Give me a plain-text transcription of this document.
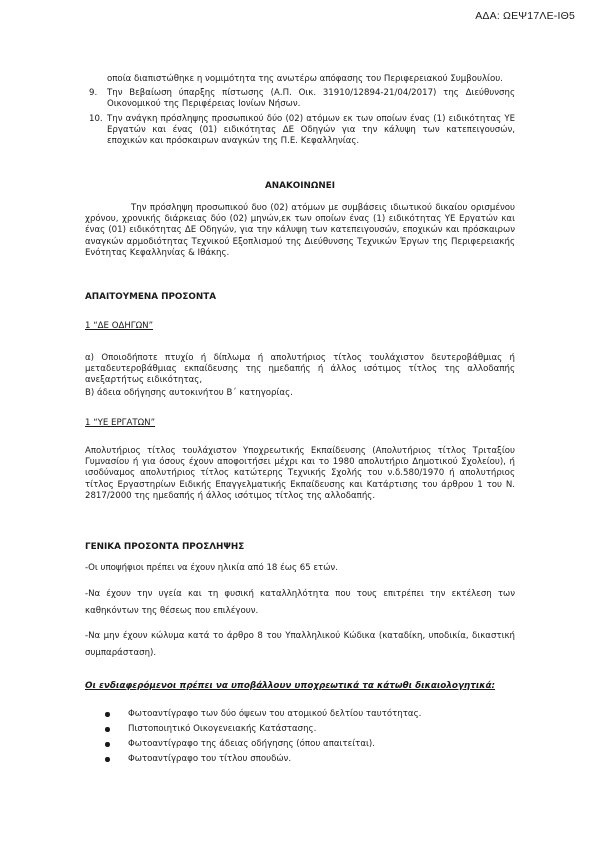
ΑΔΑ: ΩΕΨ17ΛΕ-ΙΘ5
οποία διαπιστώθηκε η νομιμότητα της ανωτέρω απόφασης του Περιφερειακού Συμβουλίου.
9. Την Βεβαίωση ύπαρξης πίστωσης (Α.Π. Οικ. 31910/12894-21/04/2017) της Διεύθυνσης Οικονομικού της Περιφέρειας Ιονίων Νήσων.
10. Την ανάγκη πρόσληψης προσωπικού δύο (02) ατόμων εκ των οποίων ένας (1) ειδικότητας ΥΕ Εργατών και ένας (01) ειδικότητας ΔΕ Οδηγών για την κάλυψη των κατεπειγουσών, εποχικών και πρόσκαιρων αναγκών της Π.Ε. Κεφαλληνίας.
ΑΝΑΚΟΙΝΩΝΕΙ
Την πρόσληψη προσωπικού δυο (02) ατόμων με συμβάσεις ιδιωτικού δικαίου ορισμένου χρόνου, χρονικής διάρκειας δύο (02) μηνών,εκ των οποίων ένας (1) ειδικότητας ΥΕ Εργατών και ένας (01) ειδικότητας ΔΕ Οδηγών, για την κάλυψη των κατεπειγουσών, εποχικών και πρόσκαιρων αναγκών αρμοδιότητας Τεχνικού Εξοπλισμού της Διεύθυνσης Τεχνικών Έργων της Περιφερειακής Ενότητας Κεφαλληνίας & Ιθάκης.
ΑΠΑΙΤΟΥΜΕΝΑ ΠΡΟΣΟΝΤΑ
1 “ΔΕ ΟΔΗΓΩΝ”
α) Οποιοδήποτε πτυχίο ή δίπλωμα ή απολυτήριος τίτλος τουλάχιστον δευτεροβάθμιας ή μεταδευτεροβάθμιας εκπαίδευσης της ημεδαπής ή άλλος ισότιμος τίτλος της αλλοδαπής ανεξαρτήτως ειδικότητας,
Β) άδεια οδήγησης αυτοκινήτου Β΄ κατηγορίας.
1 “ΥΕ ΕΡΓΑΤΩΝ”
Απολυτήριος τίτλος τουλάχιστον Υποχρεωτικής Εκπαίδευσης (Απολυτήριος τίτλος Τριταξίου Γυμνασίου ή για όσους έχουν αποφοιτήσει μέχρι και το 1980 απολυτήριο Δημοτικού Σχολείου), ή ισοδύναμος απολυτήριος τίτλος κατώτερης Τεχνικής Σχολής του ν.δ.580/1970 ή απολυτήριος τίτλος Εργαστηρίων Ειδικής Επαγγελματικής Εκπαίδευσης και Κατάρτισης του άρθρου 1 του Ν. 2817/2000 της ημεδαπής ή άλλος ισότιμος τίτλος της αλλοδαπής.
ΓΕΝΙΚΑ ΠΡΟΣΟΝΤΑ ΠΡΟΣΛΗΨΗΣ
-Οι υποψήφιοι πρέπει να έχουν ηλικία από 18 έως 65 ετών.
-Να έχουν την υγεία και τη φυσική καταλληλότητα που τους επιτρέπει την εκτέλεση των καθηκόντων της θέσεως που επιλέγουν.
-Να μην έχουν κώλυμα κατά το άρθρο 8 του Υπαλληλικού Κώδικα (καταδίκη, υποδικία, δικαστική συμπαράσταση).
Οι ενδιαφερόμενοι πρέπει να υποβάλλουν υποχρεωτικά τα κάτωθι δικαιολογητικά:
Φωτοαντίγραφο των δύο όψεων του ατομικού δελτίου ταυτότητας.
Πιστοποιητικό Οικογενειακής Κατάστασης.
Φωτοαντίγραφο της άδειας οδήγησης (όπου απαιτείται).
Φωτοαντίγραφο του τίτλου σπουδών.
